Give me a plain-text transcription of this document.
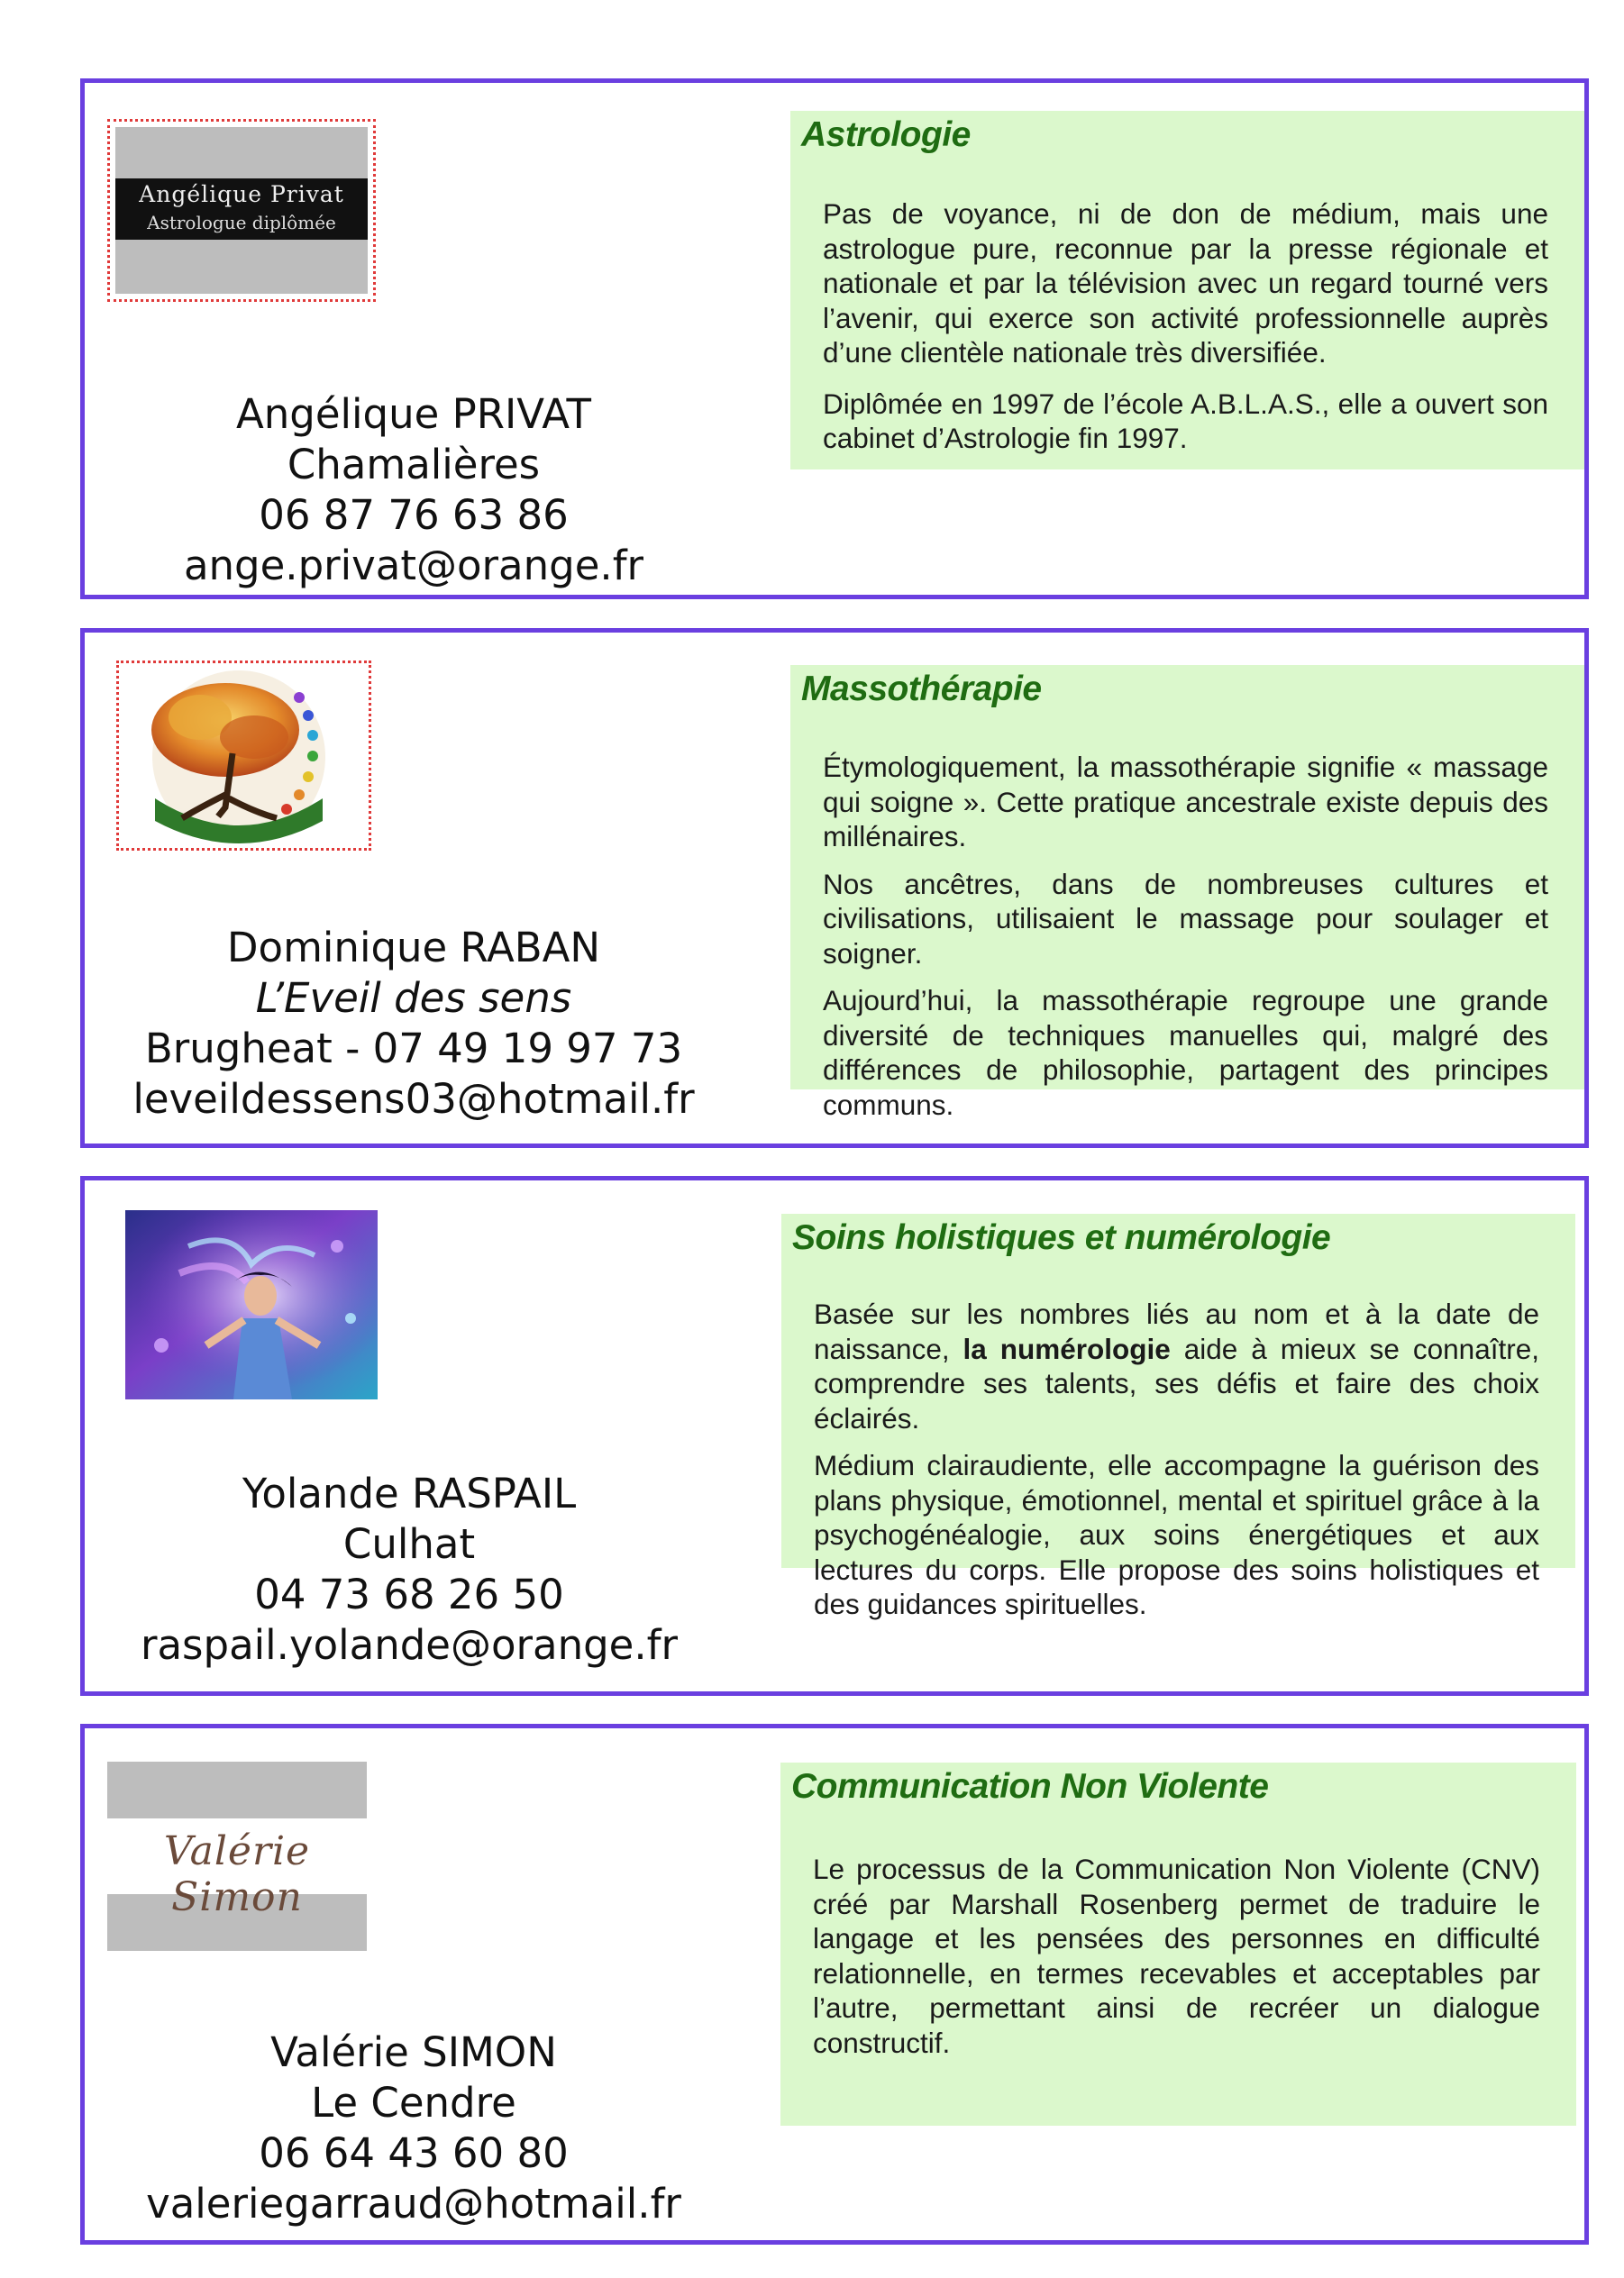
Angélique Privat
Astrologue diplômée
Angélique PRIVAT
Chamalières
06 87 76 63 86
ange.privat@orange.fr
Astrologie

Pas de voyance, ni de don de médium, mais une astrologue pure, reconnue par la presse régionale et nationale et par la télévision avec un regard tourné vers l’avenir, qui exerce son activité professionnelle auprès d’une clientèle nationale très diversifiée.

Diplômée en 1997 de l’école A.B.L.A.S., elle a ouvert son cabinet d’Astrologie fin 1997.

Dominique RABAN
L’Eveil des sens
Brugheat - 07 49 19 97 73
leveildessens03@hotmail.fr
Massothérapie

Étymologiquement, la massothérapie signifie « massage qui soigne ». Cette pratique ancestrale existe depuis des millénaires.

Nos ancêtres, dans de nombreuses cultures et civilisations, utilisaient le massage pour soulager et soigner.

Aujourd’hui, la massothérapie regroupe une grande diversité de techniques manuelles qui, malgré des différences de philosophie, partagent des principes communs.

Yolande RASPAIL
Culhat
04 73 68 26 50
raspail.yolande@orange.fr
Soins holistiques et numérologie

Basée sur les nombres liés au nom et à la date de naissance, la numérologie aide à mieux se connaître, comprendre ses talents, ses défis et faire des choix éclairés.

Médium clairaudiente, elle accompagne la guérison des plans physique, émotionnel, mental et spirituel grâce à la psychogénéalogie, aux soins énergétiques et aux lectures du corps. Elle propose des soins holistiques et des guidances spirituelles.

Valérie Simon
Valérie SIMON
Le Cendre
06 64 43 60 80
valeriegarraud@hotmail.fr
Communication Non Violente

Le processus de la Communication Non Violente (CNV) créé par Marshall Rosenberg permet de traduire le langage et les pensées des personnes en difficulté relationnelle, en termes recevables et acceptables par l’autre, permettant ainsi de recréer un dialogue constructif.
